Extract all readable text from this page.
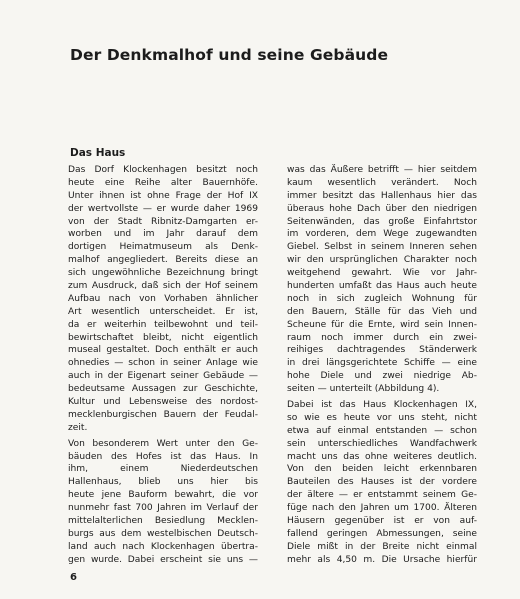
Der Denkmalhof und seine Gebäude
Das Haus
Das Dorf Klockenhagen besitzt noch
heute eine Reihe alter Bauernhöfe.
Unter ihnen ist ohne Frage der Hof IX
der wertvollste — er wurde daher 1969
von der Stadt Ribnitz-Damgarten er-
worben und im Jahr darauf dem
dortigen Heimatmuseum als Denk-
malhof angegliedert. Bereits diese an
sich ungewöhnliche Bezeichnung bringt
zum Ausdruck, daß sich der Hof seinem
Aufbau nach von Vorhaben ähnlicher
Art wesentlich unterscheidet. Er ist,
da er weiterhin teilbewohnt und teil-
bewirtschaftet bleibt, nicht eigentlich
museal gestaltet. Doch enthält er auch
ohnedies — schon in seiner Anlage wie
auch in der Eigenart seiner Gebäude —
bedeutsame Aussagen zur Geschichte,
Kultur und Lebensweise des nordost-
mecklenburgischen Bauern der Feudal-
zeit.
Von besonderem Wert unter den Ge-
bäuden des Hofes ist das Haus. In
ihm, einem Niederdeutschen
Hallenhaus, blieb uns hier bis
heute jene Bauform bewahrt, die vor
nunmehr fast 700 Jahren im Verlauf der
mittelalterlichen Besiedlung Mecklen-
burgs aus dem westelbischen Deutsch-
land auch nach Klockenhagen übertra-
gen wurde. Dabei erscheint sie uns —
was das Äußere betrifft — hier seitdem
kaum wesentlich verändert. Noch
immer besitzt das Hallenhaus hier das
überaus hohe Dach über den niedrigen
Seitenwänden, das große Einfahrtstor
im vorderen, dem Wege zugewandten
Giebel. Selbst in seinem Inneren sehen
wir den ursprünglichen Charakter noch
weitgehend gewahrt. Wie vor Jahr-
hunderten umfaßt das Haus auch heute
noch in sich zugleich Wohnung für
den Bauern, Ställe für das Vieh und
Scheune für die Ernte, wird sein Innen-
raum noch immer durch ein zwei-
reihiges dachtragendes Ständerwerk
in drei längsgerichtete Schiffe — eine
hohe Diele und zwei niedrige Ab-
seiten — unterteilt (Abbildung 4).
Dabei ist das Haus Klockenhagen IX,
so wie es heute vor uns steht, nicht
etwa auf einmal entstanden — schon
sein unterschiedliches Wandfachwerk
macht uns das ohne weiteres deutlich.
Von den beiden leicht erkennbaren
Bauteilen des Hauses ist der vordere
der ältere — er entstammt seinem Ge-
füge nach den Jahren um 1700. Älteren
Häusern gegenüber ist er von auf-
fallend geringen Abmessungen, seine
Diele mißt in der Breite nicht einmal
mehr als 4,50 m. Die Ursache hierfür
6
